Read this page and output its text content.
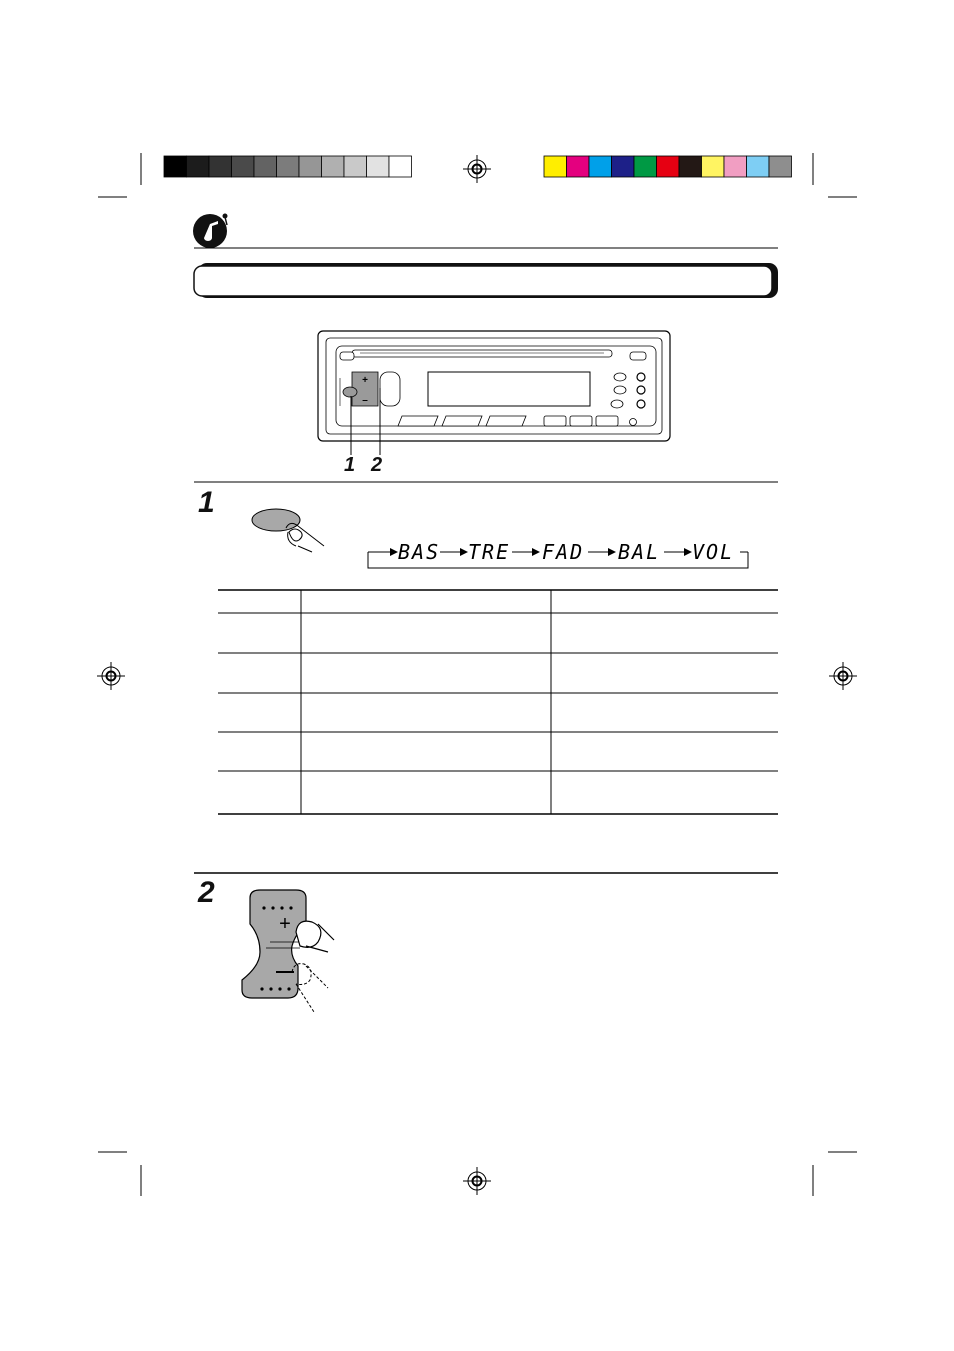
+
–
1 2
1
2
BAS TRE FAD BAL VOL
+
